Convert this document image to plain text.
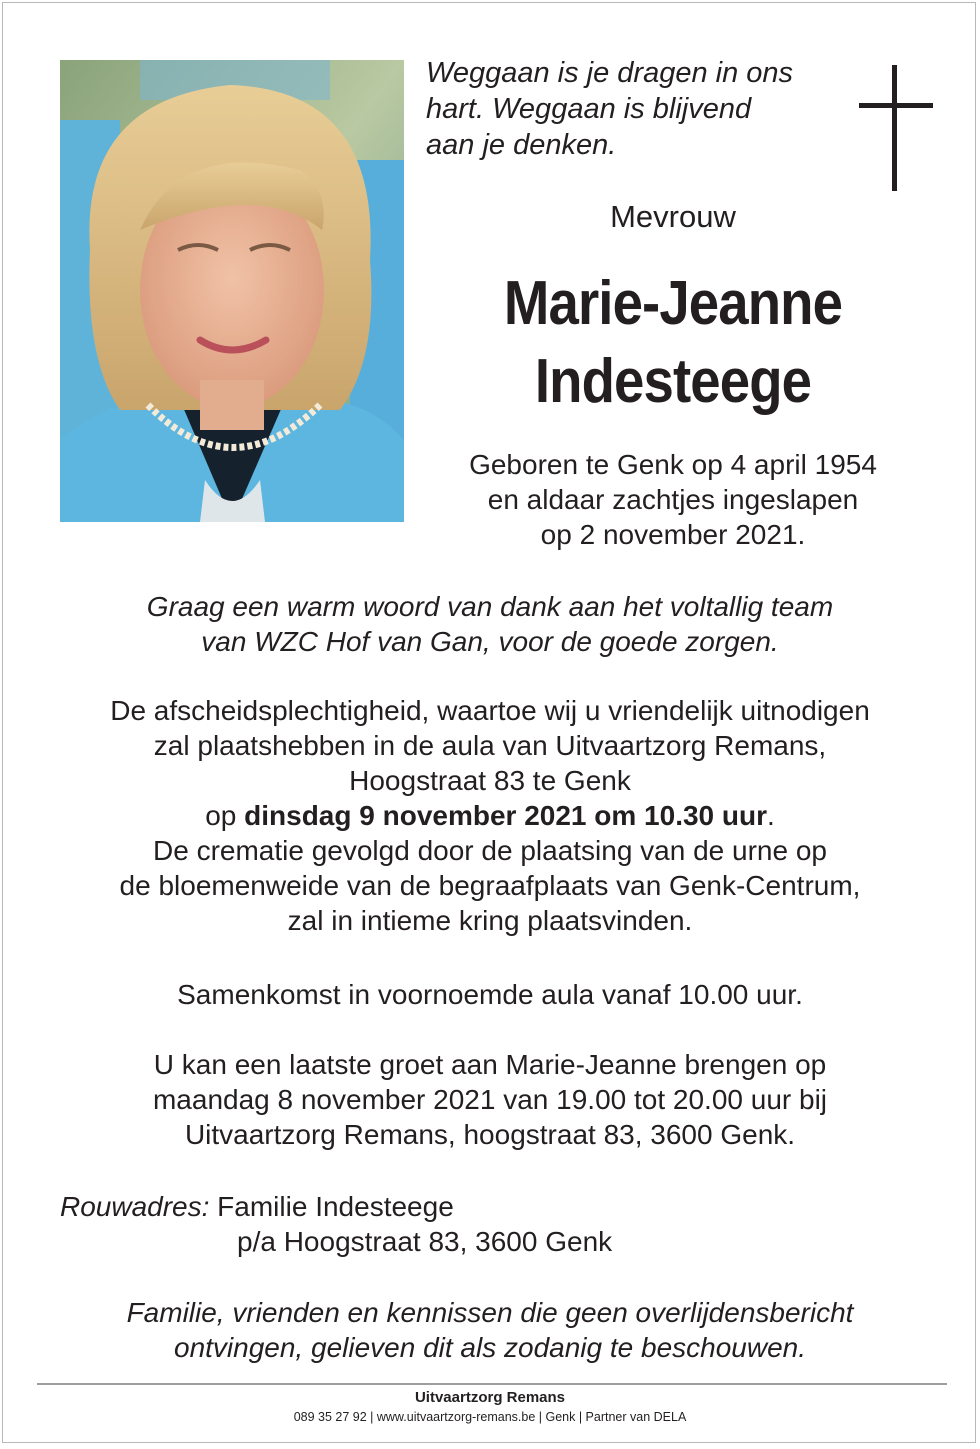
Weggaan is je dragen in ons
hart. Weggaan is blijvend
aan je denken.
Mevrouw
Marie-Jeanne
Indesteege
Geboren te Genk op 4 april 1954
en aldaar zachtjes ingeslapen
op 2 november 2021.
Graag een warm woord van dank aan het voltallig team
van WZC Hof van Gan, voor de goede zorgen.
De afscheidsplechtigheid, waartoe wij u vriendelijk uitnodigen
zal plaatshebben in de aula van Uitvaartzorg Remans,
Hoogstraat 83 te Genk
op dinsdag 9 november 2021 om 10.30 uur.
De crematie gevolgd door de plaatsing van de urne op
de bloemenweide van de begraafplaats van Genk-Centrum,
zal in intieme kring plaatsvinden.
Samenkomst in voornoemde aula vanaf 10.00 uur.
U kan een laatste groet aan Marie-Jeanne brengen op
maandag 8 november 2021 van 19.00 tot 20.00 uur bij
Uitvaartzorg Remans, hoogstraat 83, 3600 Genk.
Rouwadres: Familie Indesteege
p/a Hoogstraat 83, 3600 Genk
Familie, vrienden en kennissen die geen overlijdensbericht
ontvingen, gelieven dit als zodanig te beschouwen.
Uitvaartzorg Remans
089 35 27 92 | www.uitvaartzorg-remans.be | Genk | Partner van DELA
